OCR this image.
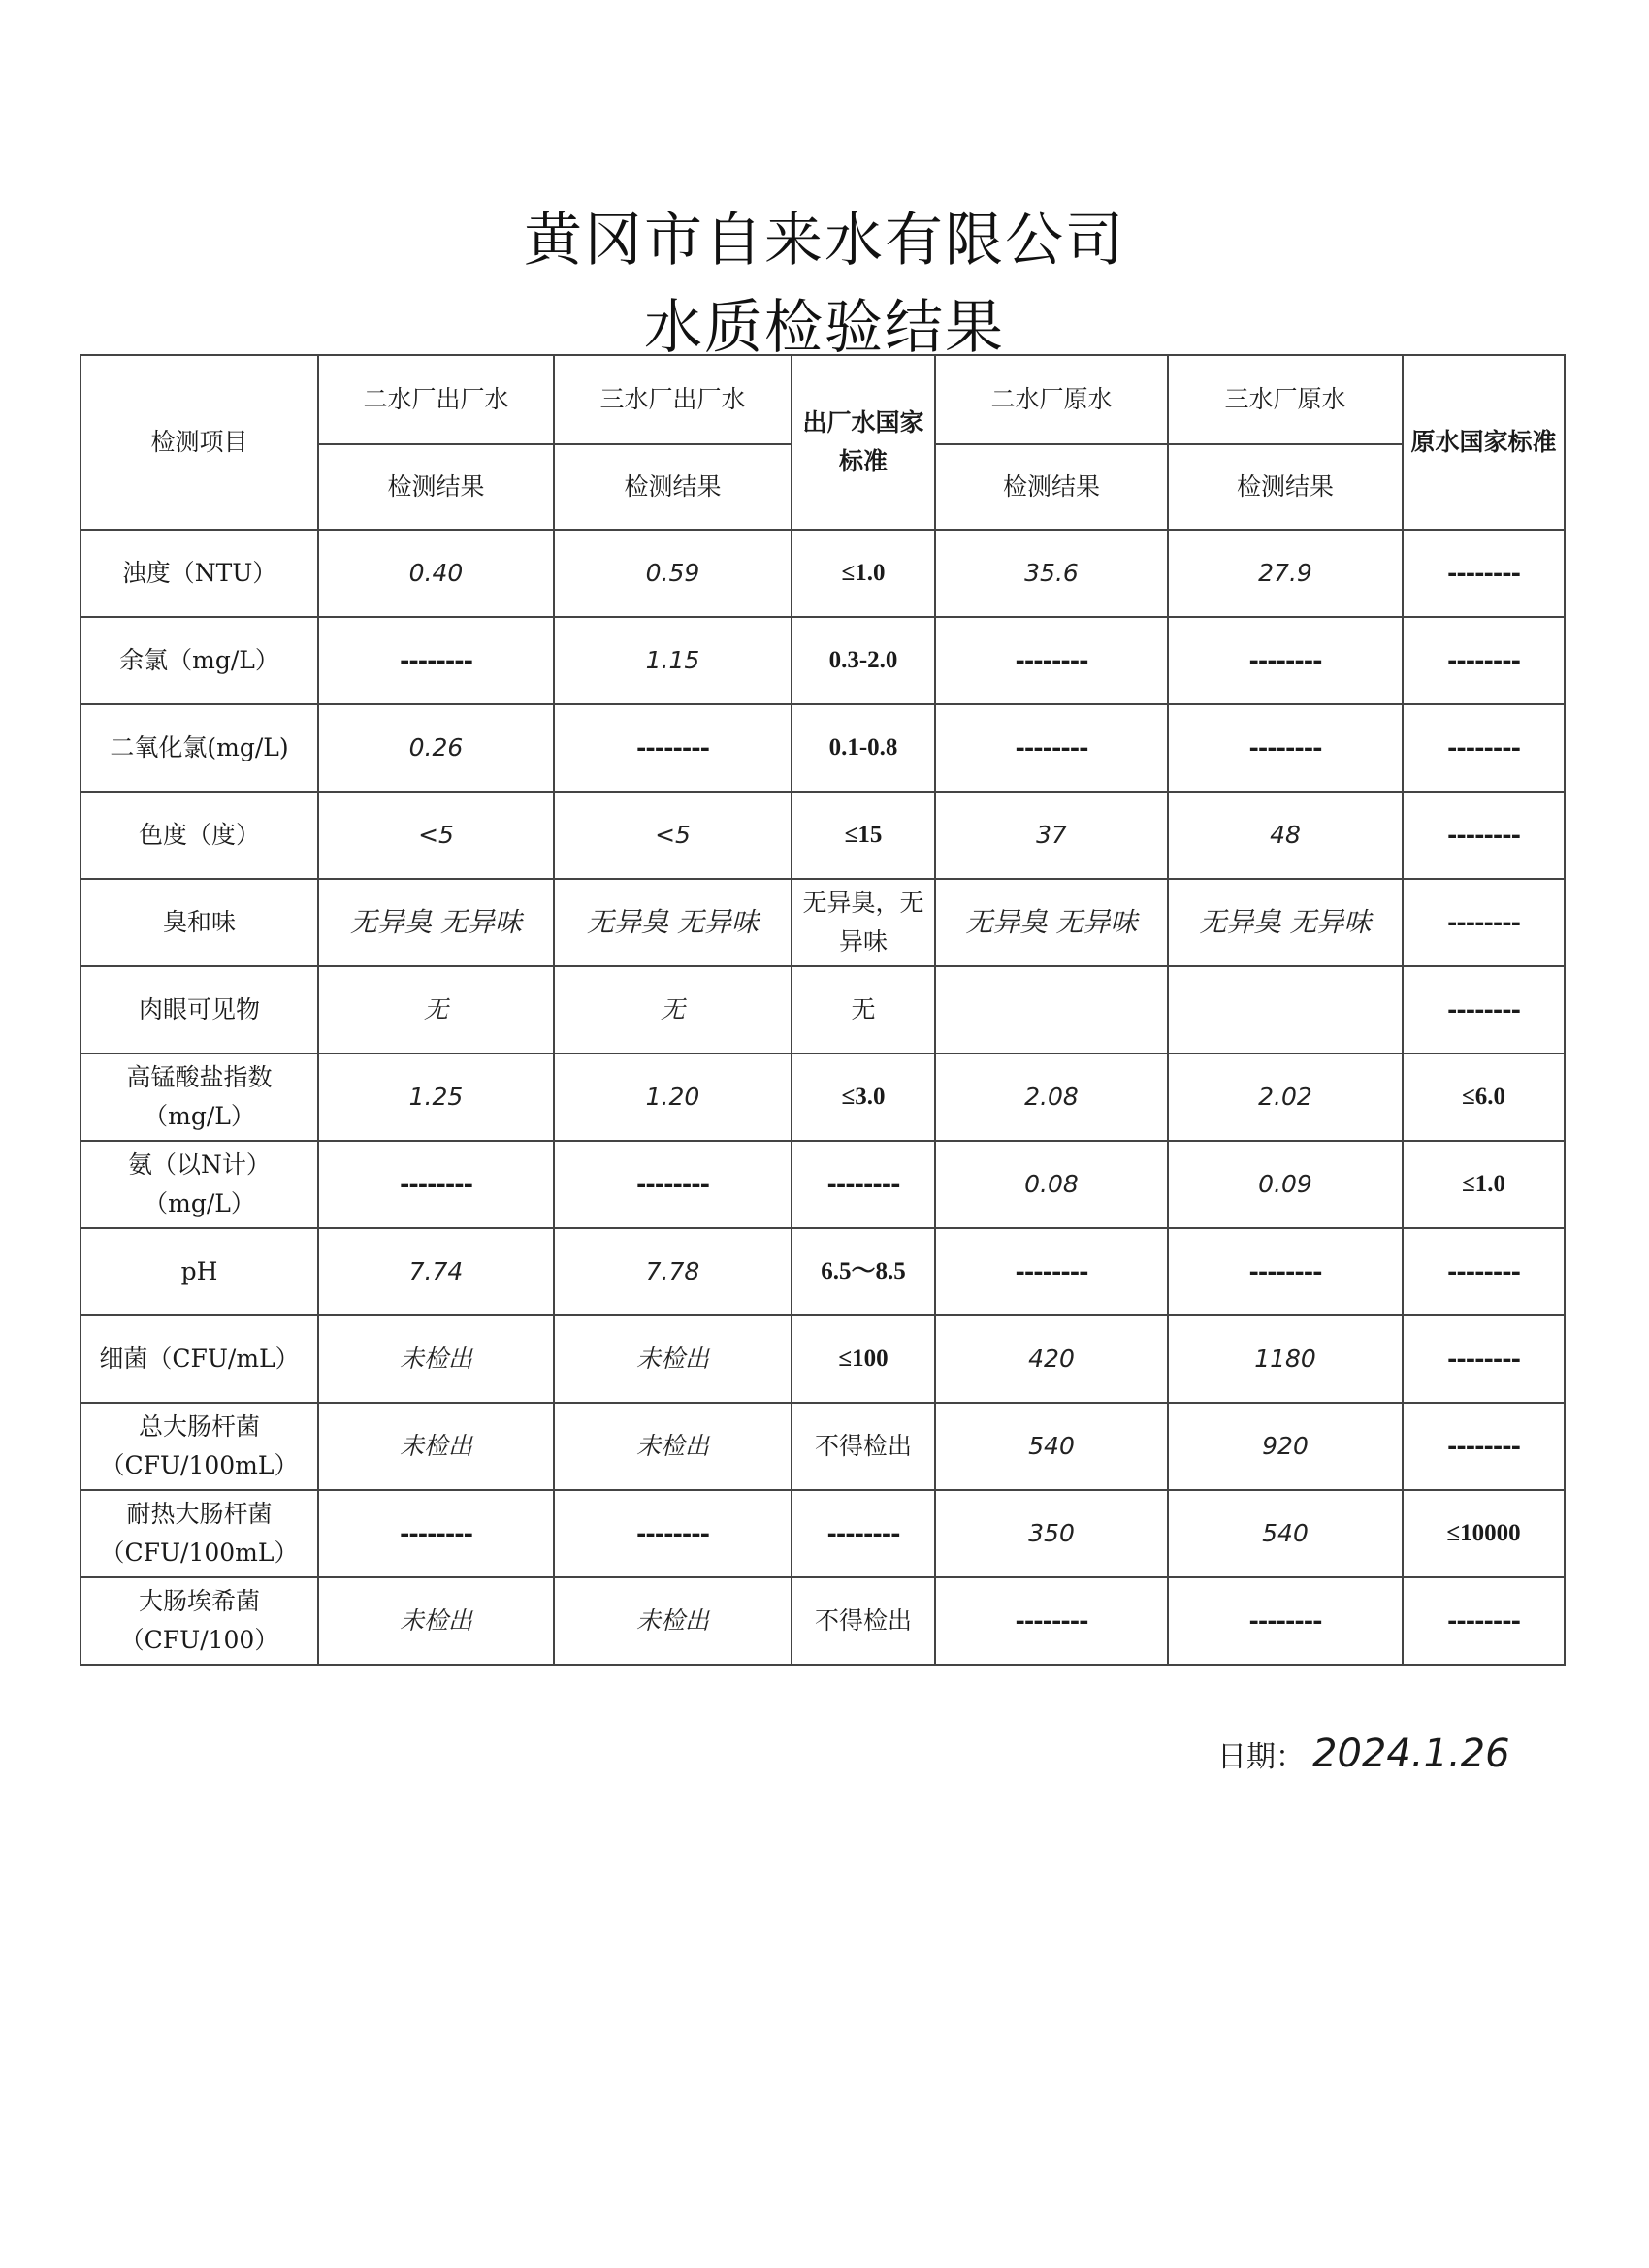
黄冈市自来水有限公司
水质检验结果
检测项目	二水厂出厂水	三水厂出厂水	出厂水国家标准	二水厂原水	三水厂原水	原水国家标准
	检测结果	检测结果		检测结果	检测结果	
浊度（NTU）	0.40	0.59	≤1.0	35.6	27.9	--------
余氯（mg/L）	--------	1.15	0.3-2.0	--------	--------	--------
二氧化氯(mg/L)	0.26	--------	0.1-0.8	--------	--------	--------
色度（度）	<5	<5	≤15	37	48	--------
臭和味	无异臭 无异味	无异臭 无异味	无异臭，无异味	无异臭 无异味	无异臭 无异味	--------
肉眼可见物	无	无	无			--------
高锰酸盐指数（mg/L）	1.25	1.20	≤3.0	2.08	2.02	≤6.0
氨（以N计）（mg/L）	--------	--------	--------	0.08	0.09	≤1.0
pH	7.74	7.78	6.5～8.5	--------	--------	--------
细菌（CFU/mL）	未检出	未检出	≤100	420	1180	--------
总大肠杆菌（CFU/100mL）	未检出	未检出	不得检出	540	920	--------
耐热大肠杆菌（CFU/100mL）	--------	--------	--------	350	540	≤10000
大肠埃希菌（CFU/100）	未检出	未检出	不得检出	--------	--------	--------
日期： 2024.1.26
